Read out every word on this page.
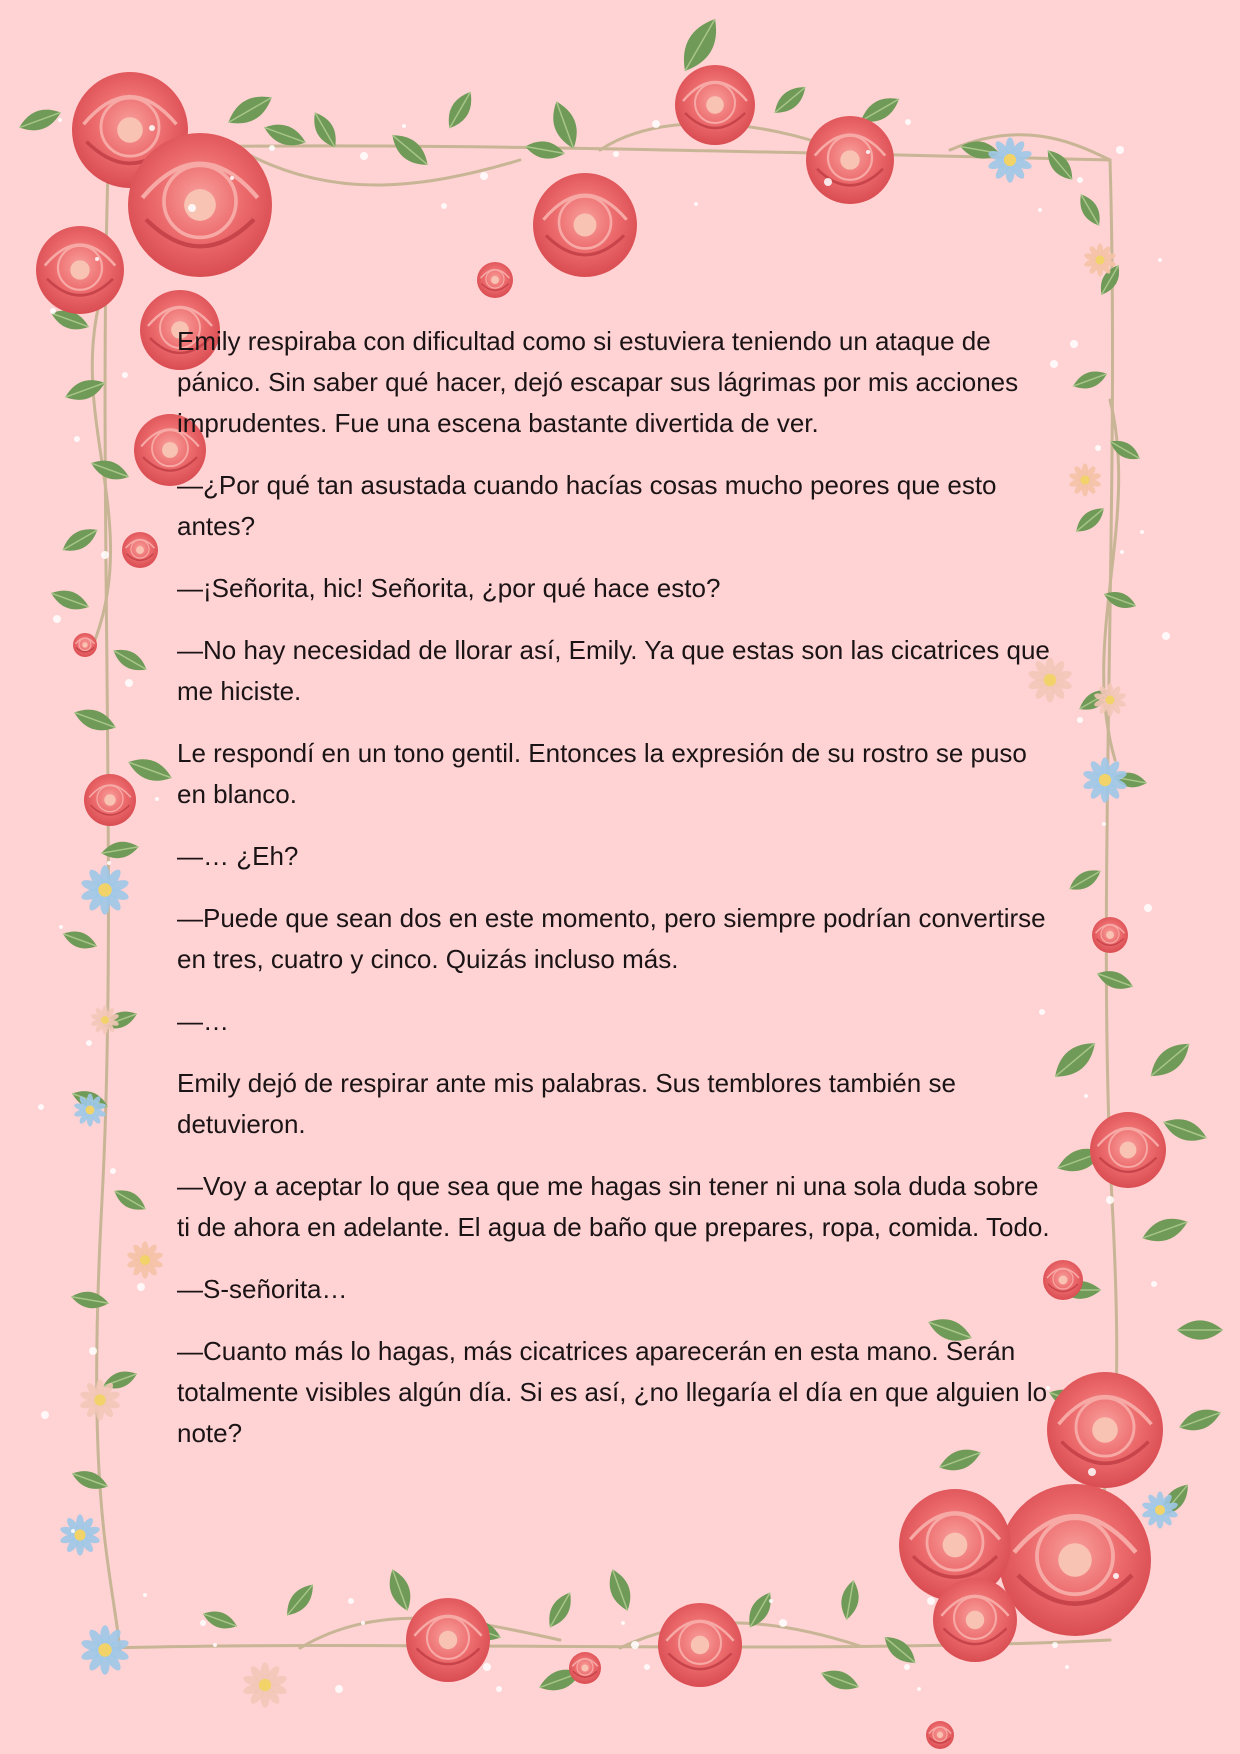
Emily respiraba con dificultad como si estuviera teniendo un ataque de pánico. Sin saber qué hacer, dejó escapar sus lágrimas por mis acciones imprudentes. Fue una escena bastante divertida de ver.

—¿Por qué tan asustada cuando hacías cosas mucho peores que esto antes?

—¡Señorita, hic! Señorita, ¿por qué hace esto?

—No hay necesidad de llorar así, Emily. Ya que estas son las cicatrices que me hiciste.

Le respondí en un tono gentil. Entonces la expresión de su rostro se puso en blanco.

—… ¿Eh?

—Puede que sean dos en este momento, pero siempre podrían convertirse en tres, cuatro y cinco. Quizás incluso más.

—…

Emily dejó de respirar ante mis palabras. Sus temblores también se detuvieron.

—Voy a aceptar lo que sea que me hagas sin tener ni una sola duda sobre ti de ahora en adelante. El agua de baño que prepares, ropa, comida. Todo.

—S-señorita…

—Cuanto más lo hagas, más cicatrices aparecerán en esta mano. Serán totalmente visibles algún día. Si es así, ¿no llegaría el día en que alguien lo note?
